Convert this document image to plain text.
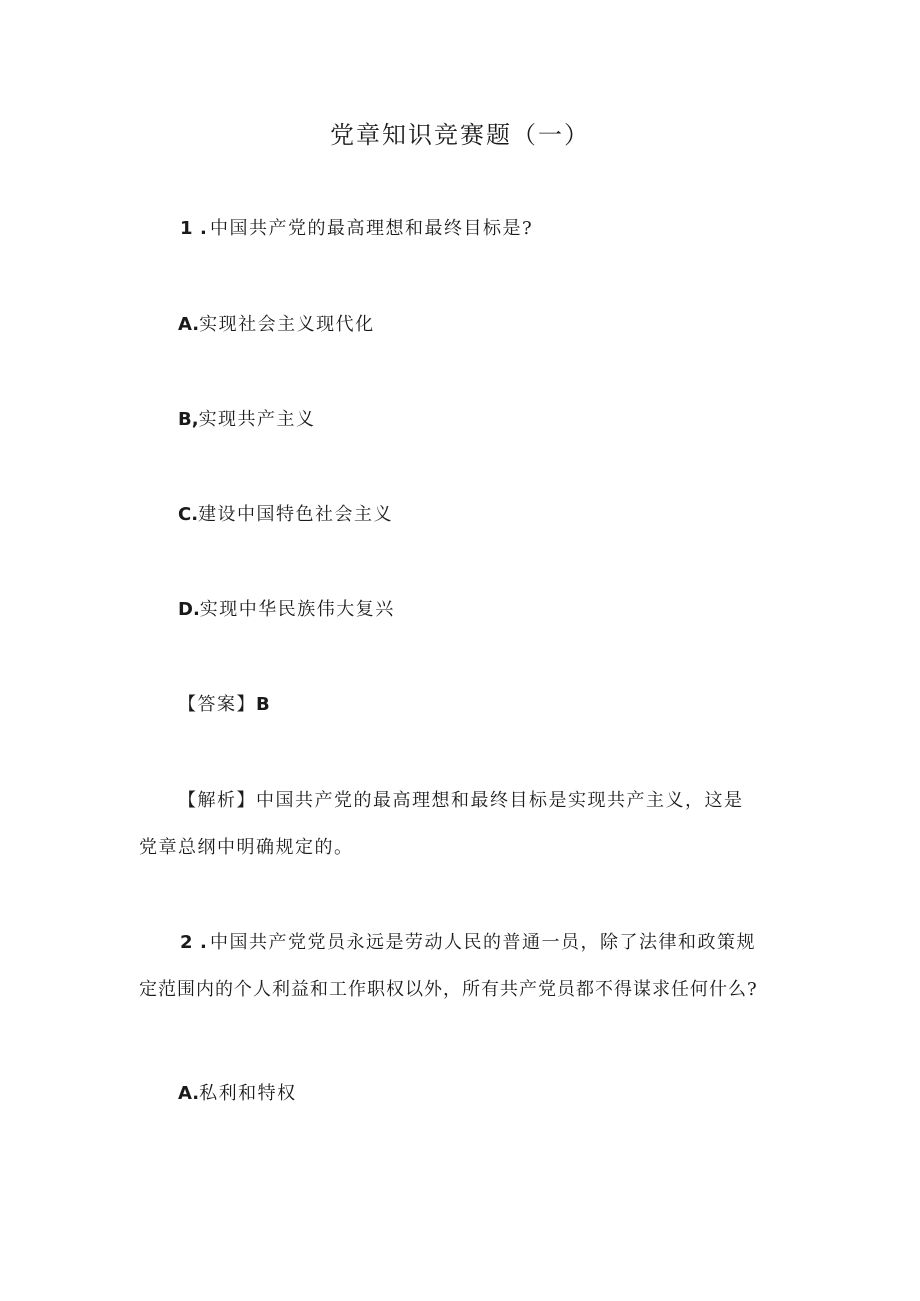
党章知识竞赛题（一）
1 . 中国共产党的最高理想和最终目标是?
A.实现社会主义现代化
B,实现共产主义
C.建设中国特色社会主义
D.实现中华民族伟大复兴
【答案】B
【解析】中国共产党的最高理想和最终目标是实现共产主义，这是
党章总纲中明确规定的。
2 . 中国共产党党员永远是劳动人民的普通一员，除了法律和政策规
定范围内的个人利益和工作职权以外，所有共产党员都不得谋求任何什么?
A.私利和特权
